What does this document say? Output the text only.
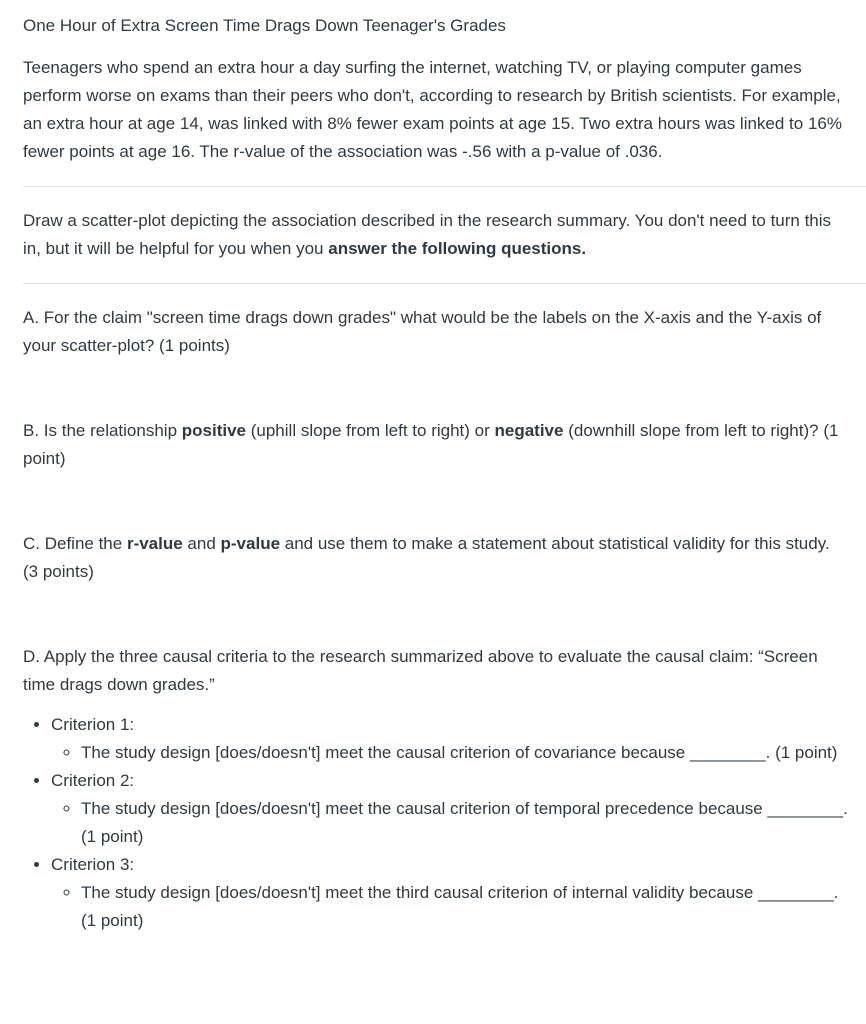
One Hour of Extra Screen Time Drags Down Teenager's Grades

Teenagers who spend an extra hour a day surfing the internet, watching TV, or playing computer games perform worse on exams than their peers who don't, according to research by British scientists. For example, an extra hour at age 14, was linked with 8% fewer exam points at age 15. Two extra hours was linked to 16% fewer points at age 16. The r-value of the association was -.56 with a p-value of .036.

Draw a scatter-plot depicting the association described in the research summary. You don't need to turn this in, but it will be helpful for you when you answer the following questions.

A. For the claim "screen time drags down grades" what would be the labels on the X-axis and the Y-axis of your scatter-plot? (1 points)

B. Is the relationship positive (uphill slope from left to right) or negative (downhill slope from left to right)? (1 point)

C. Define the r-value and p-value and use them to make a statement about statistical validity for this study. (3 points)

D. Apply the three causal criteria to the research summarized above to evaluate the causal claim: “Screen time drags down grades.”

• Criterion 1:
◦ The study design [does/doesn't] meet the causal criterion of covariance because ________. (1 point)
• Criterion 2:
◦ The study design [does/doesn't] meet the causal criterion of temporal precedence because ________. (1 point)
• Criterion 3:
◦ The study design [does/doesn't] meet the third causal criterion of internal validity because ________. (1 point)
